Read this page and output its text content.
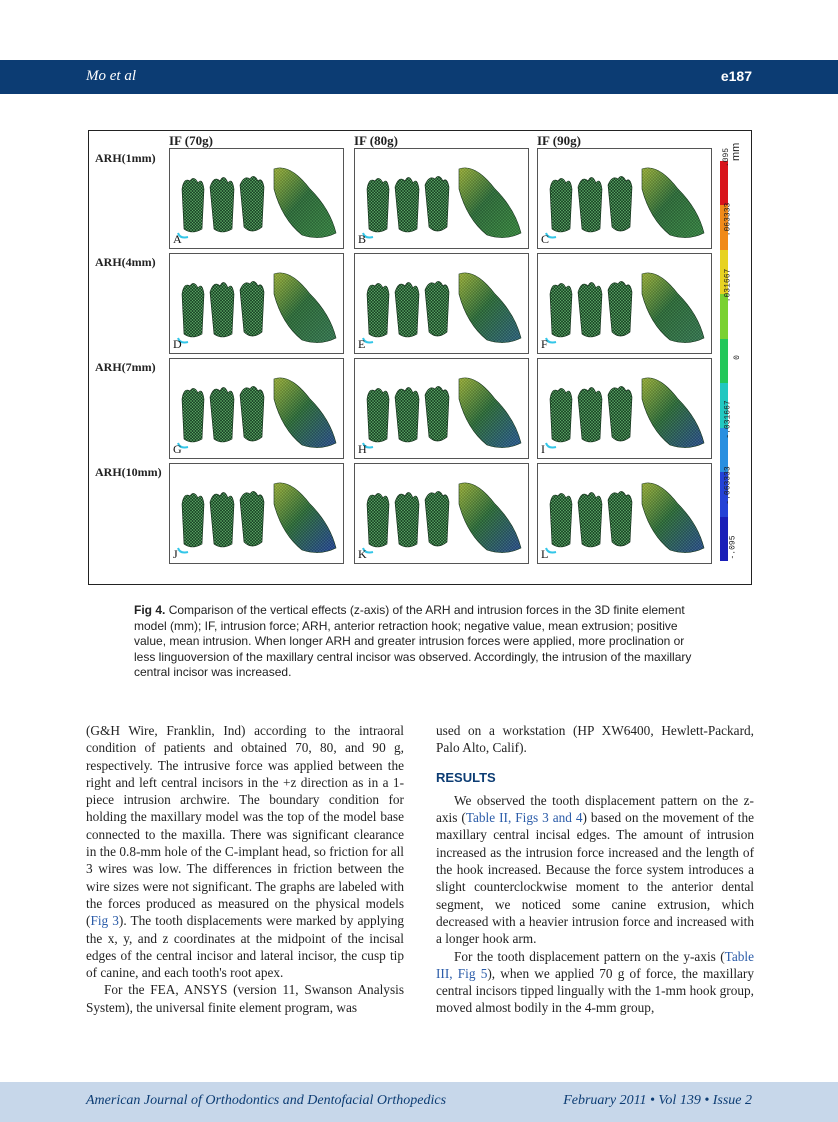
Mo et al	e187
IF (70g)	IF (80g)	IF (90g)
ARH(1mm)
ARH(4mm)
ARH(7mm)
ARH(10mm)
A	B	C
D	E	F
G	H	I
J	K	L
mm
.095
.063333
.031667
0
-.031667
-.063333
-.095
Fig 4. Comparison of the vertical effects (z-axis) of the ARH and intrusion forces in the 3D finite element model (mm); IF, intrusion force; ARH, anterior retraction hook; negative value, mean extrusion; positive value, mean intrusion. When longer ARH and greater intrusion forces were applied, more proclination or less linguoversion of the maxillary central incisor was observed. Accordingly, the intrusion of the maxillary central incisor was increased.

(G&H Wire, Franklin, Ind) according to the intraoral condition of patients and obtained 70, 80, and 90 g, respectively. The intrusive force was applied between the right and left central incisors in the +z direction as in a 1-piece intrusion archwire. The boundary condition for holding the maxillary model was the top of the model base connected to the maxilla. There was significant clearance in the 0.8-mm hole of the C-implant head, so friction for all 3 wires was low. The differences in friction between the wire sizes were not significant. The graphs are labeled with the forces produced as measured on the physical models (Fig 3). The tooth displacements were marked by applying the x, y, and z coordinates at the midpoint of the incisal edges of the central incisor and lateral incisor, the cusp tip of canine, and each tooth's root apex.

For the FEA, ANSYS (version 11, Swanson Analysis System), the universal finite element program, was

used on a workstation (HP XW6400, Hewlett-Packard, Palo Alto, Calif).

RESULTS

We observed the tooth displacement pattern on the z-axis (Table II, Figs 3 and 4) based on the movement of the maxillary central incisal edges. The amount of intrusion increased as the intrusion force increased and the length of the hook increased. Because the force system introduces a slight counterclockwise moment to the anterior dental segment, we noticed some canine extrusion, which decreased with a heavier intrusion force and increased with a longer hook arm.

For the tooth displacement pattern on the y-axis (Table III, Fig 5), when we applied 70 g of force, the maxillary central incisors tipped lingually with the 1-mm hook group, moved almost bodily in the 4-mm group,

American Journal of Orthodontics and Dentofacial Orthopedics	February 2011 • Vol 139 • Issue 2
